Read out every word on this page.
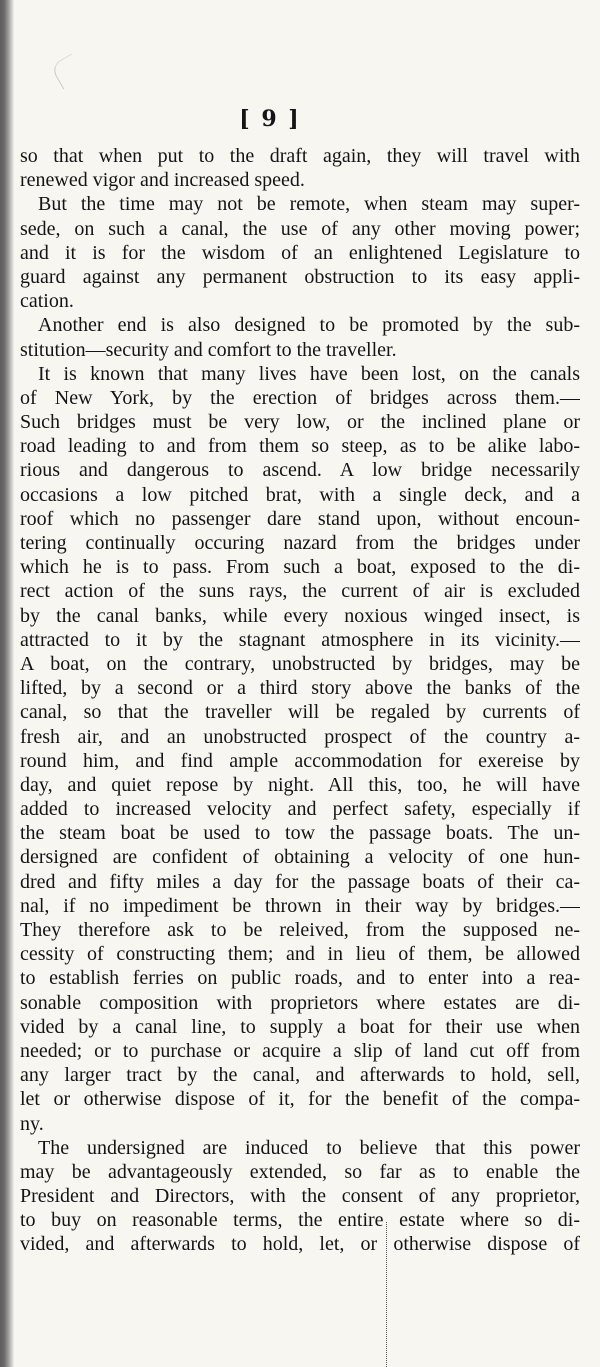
[ 9 ]
so that when put to the draft again, they will travel with
renewed vigor and increased speed.
But the time may not be remote, when steam may super-
sede, on such a canal, the use of any other moving power;
and it is for the wisdom of an enlightened Legislature to
guard against any permanent obstruction to its easy appli-
cation.
Another end is also designed to be promoted by the sub-
stitution—security and comfort to the traveller.
It is known that many lives have been lost, on the canals
of New York, by the erection of bridges across them.—
Such bridges must be very low, or the inclined plane or
road leading to and from them so steep, as to be alike labo-
rious and dangerous to ascend. A low bridge necessarily
occasions a low pitched brat, with a single deck, and a
roof which no passenger dare stand upon, without encoun-
tering continually occuring nazard from the bridges under
which he is to pass. From such a boat, exposed to the di-
rect action of the suns rays, the current of air is excluded
by the canal banks, while every noxious winged insect, is
attracted to it by the stagnant atmosphere in its vicinity.—
A boat, on the contrary, unobstructed by bridges, may be
lifted, by a second or a third story above the banks of the
canal, so that the traveller will be regaled by currents of
fresh air, and an unobstructed prospect of the country a-
round him, and find ample accommodation for exereise by
day, and quiet repose by night. All this, too, he will have
added to increased velocity and perfect safety, especially if
the steam boat be used to tow the passage boats. The un-
dersigned are confident of obtaining a velocity of one hun-
dred and fifty miles a day for the passage boats of their ca-
nal, if no impediment be thrown in their way by bridges.—
They therefore ask to be releived, from the supposed ne-
cessity of constructing them; and in lieu of them, be allowed
to establish ferries on public roads, and to enter into a rea-
sonable composition with proprietors where estates are di-
vided by a canal line, to supply a boat for their use when
needed; or to purchase or acquire a slip of land cut off from
any larger tract by the canal, and afterwards to hold, sell,
let or otherwise dispose of it, for the benefit of the compa-
ny.
The undersigned are induced to believe that this power
may be advantageously extended, so far as to enable the
President and Directors, with the consent of any proprietor,
to buy on reasonable terms, the entire estate where so di-
vided, and afterwards to hold, let, or otherwise dispose of
